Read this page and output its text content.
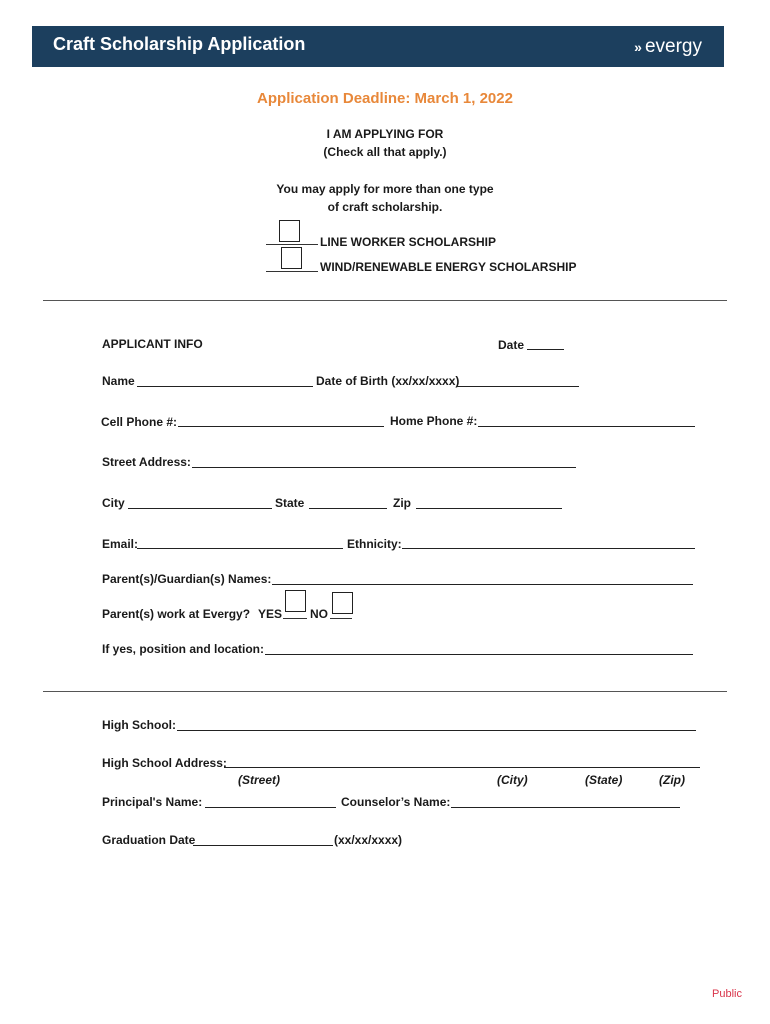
Craft Scholarship Application	» evergy
Application Deadline: March 1, 2022
I AM APPLYING FOR
(Check all that apply.)
You may apply for more than one type
of craft scholarship.
LINE WORKER SCHOLARSHIP
WIND/RENEWABLE ENERGY SCHOLARSHIP
APPLICANT INFO	Date
Name	Date of Birth (xx/xx/xxxx)
Cell Phone #:	Home Phone #:
Street Address:
City	State	Zip
Email:	Ethnicity:
Parent(s)/Guardian(s) Names:
Parent(s) work at Evergy? YES NO
If yes, position and location:
High School:
High School Address:
(Street)	(City)	(State)	(Zip)
Principal's Name:	Counselor’s Name:
Graduation Date	(xx/xx/xxxx)
Public
